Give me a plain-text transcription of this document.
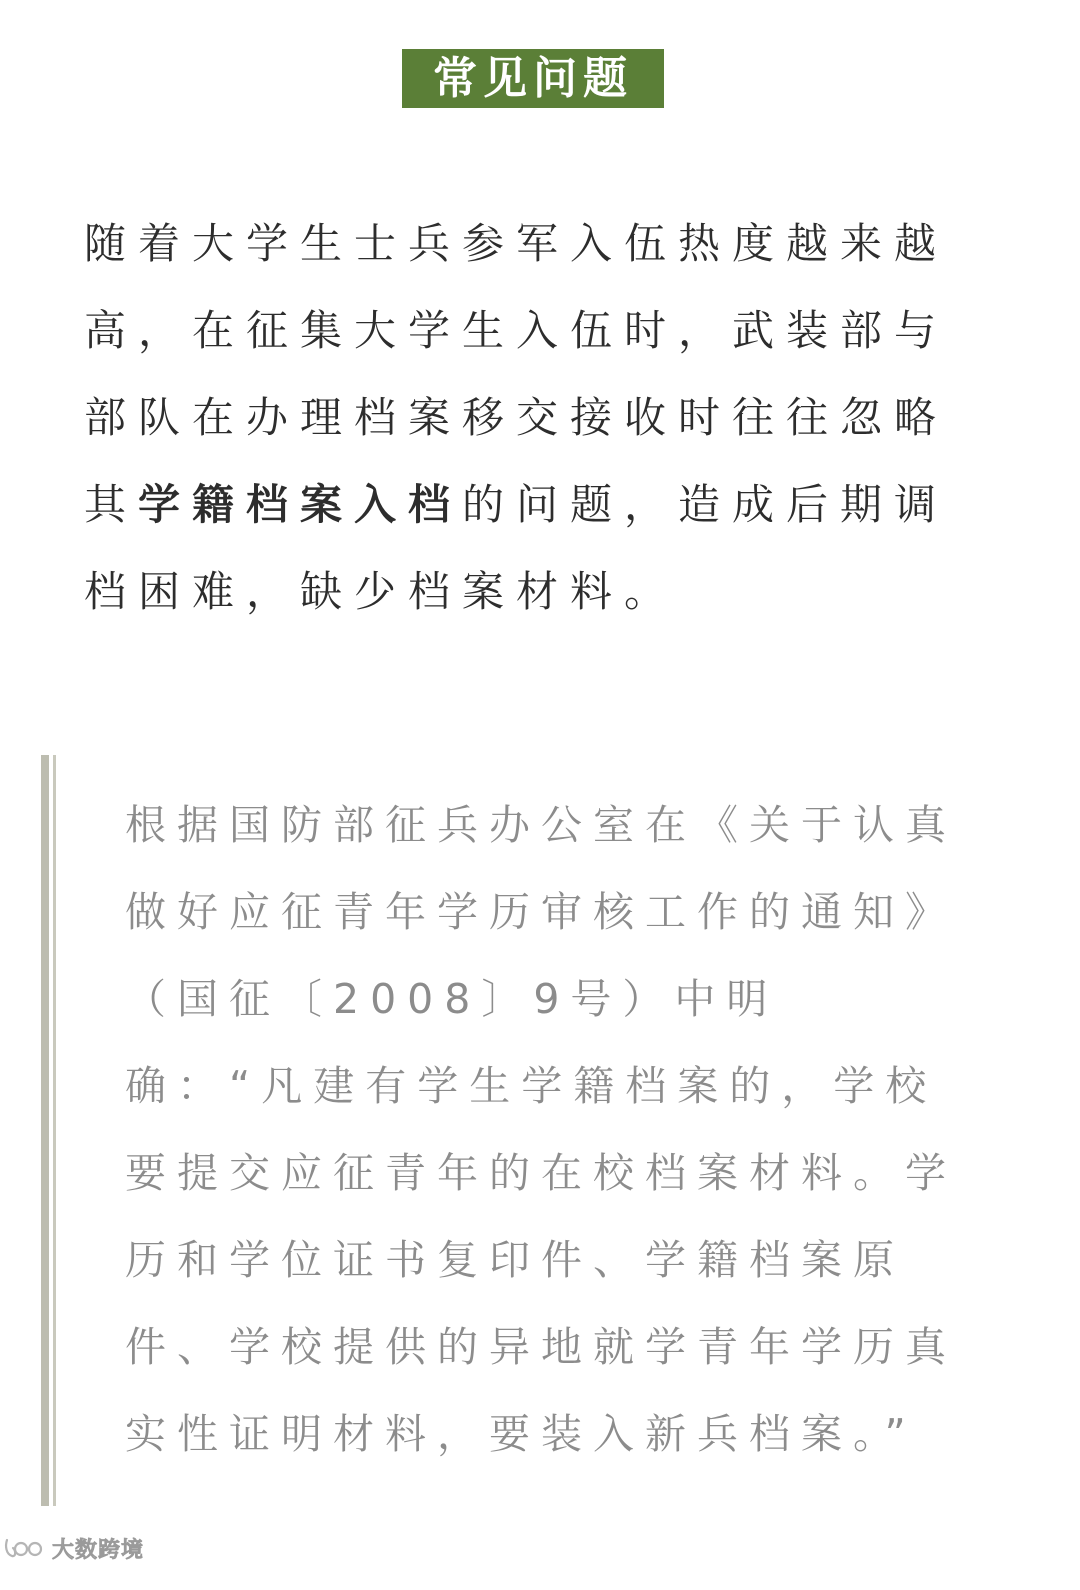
常见问题
随着大学生士兵参军入伍热度越来越高，在征集大学生入伍时，武装部与部队在办理档案移交接收时往往忽略其学籍档案入档的问题，造成后期调档困难，缺少档案材料。
根据国防部征兵办公室在《关于认真做好应征青年学历审核工作的通知》（国征〔2008〕9号）中明确：“凡建有学生学籍档案的，学校要提交应征青年的在校档案材料。学历和学位证书复印件、学籍档案原件、学校提供的异地就学青年学历真实性证明材料，要装入新兵档案。”
大数跨境
